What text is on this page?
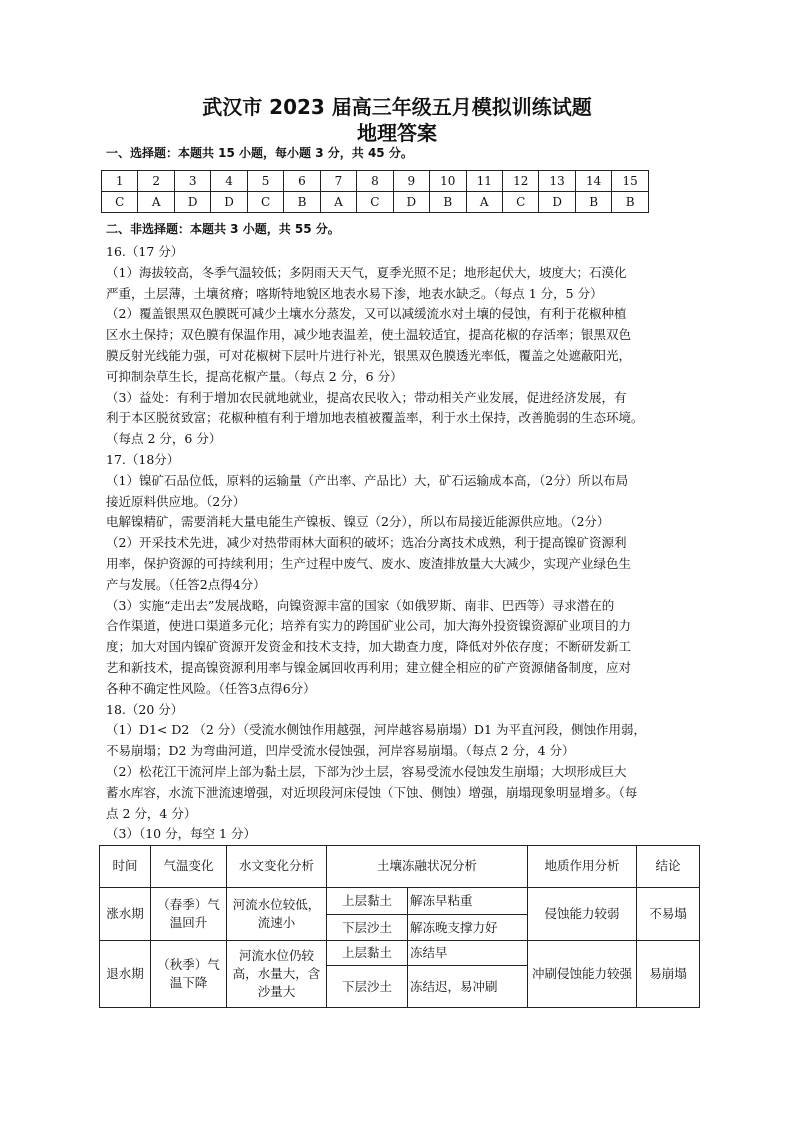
武汉市 2023 届高三年级五月模拟训练试题
地理答案
一、选择题：本题共 15 小题，每小题 3 分，共 45 分。
1	2	3	4	5	6	7	8	9	10	11	12	13	14	15
C	A	D	D	C	B	A	C	D	B	A	C	D	B	B
二、非选择题：本题共 3 小题，共 55 分。

16.（17 分）

（1）海拔较高，冬季气温较低；多阴雨天天气，夏季光照不足；地形起伏大，坡度大；石漠化

严重，土层薄，土壤贫瘠；喀斯特地貌区地表水易下渗，地表水缺乏。（每点 1 分，5 分）

（2）覆盖银黑双色膜既可减少土壤水分蒸发，又可以减缓流水对土壤的侵蚀，有利于花椒种植

区水土保持；双色膜有保温作用，减少地表温差，使土温较适宜，提高花椒的存活率；银黑双色

膜反射光线能力强，可对花椒树下层叶片进行补光，银黑双色膜透光率低，覆盖之处遮蔽阳光，

可抑制杂草生长，提高花椒产量。（每点 2 分，6 分）

（3）益处：有利于增加农民就地就业，提高农民收入；带动相关产业发展，促进经济发展，有

利于本区脱贫致富；花椒种植有利于增加地表植被覆盖率，利于水土保持，改善脆弱的生态环境。

（每点 2 分，6 分）

17.（18分）

（1）镍矿石品位低，原料的运输量（产出率、产品比）大，矿石运输成本高，（2分）所以布局

接近原料供应地。（2分）

电解镍精矿，需要消耗大量电能生产镍板、镍豆（2分），所以布局接近能源供应地。（2分）

（2）开采技术先进，减少对热带雨林大面积的破坏；选冶分离技术成熟，利于提高镍矿资源利

用率，保护资源的可持续利用；生产过程中废气、废水、废渣排放量大大减少，实现产业绿色生

产与发展。（任答2点得4分）

（3）实施“走出去”发展战略，向镍资源丰富的国家（如俄罗斯、南非、巴西等）寻求潜在的

合作渠道，使进口渠道多元化；培养有实力的跨国矿业公司，加大海外投资镍资源矿业项目的力

度；加大对国内镍矿资源开发资金和技术支持，加大勘查力度，降低对外依存度；不断研发新工

艺和新技术，提高镍资源利用率与镍金属回收再利用；建立健全相应的矿产资源储备制度，应对

各种不确定性风险。（任答3点得6分）

18.（20 分）

（1）D1< D2 （2 分）（受流水侧蚀作用越强，河岸越容易崩塌）D1 为平直河段，侧蚀作用弱，

不易崩塌；D2 为弯曲河道，凹岸受流水侵蚀强，河岸容易崩塌。（每点 2 分，4 分）

（2）松花江干流河岸上部为黏土层，下部为沙土层，容易受流水侵蚀发生崩塌；大坝形成巨大

蓄水库容，水流下泄流速增强，对近坝段河床侵蚀（下蚀、侧蚀）增强，崩塌现象明显增多。（每

点 2 分，4 分）

（3）（10 分，每空 1 分）

时间	气温变化	水文变化分析	土壤冻融状况分析		地质作用分析	结论
涨水期	（春季）气温回升	河流水位较低，流速小	上层黏土	解冻早粘重	侵蚀能力较弱	不易塌
			下层沙土	解冻晚支撑力好		
退水期	（秋季）气温下降	河流水位仍较高，水量大，含沙量大	上层黏土	冻结早	冲刷侵蚀能力较强	易崩塌
			下层沙土	冻结迟，易冲刷		
